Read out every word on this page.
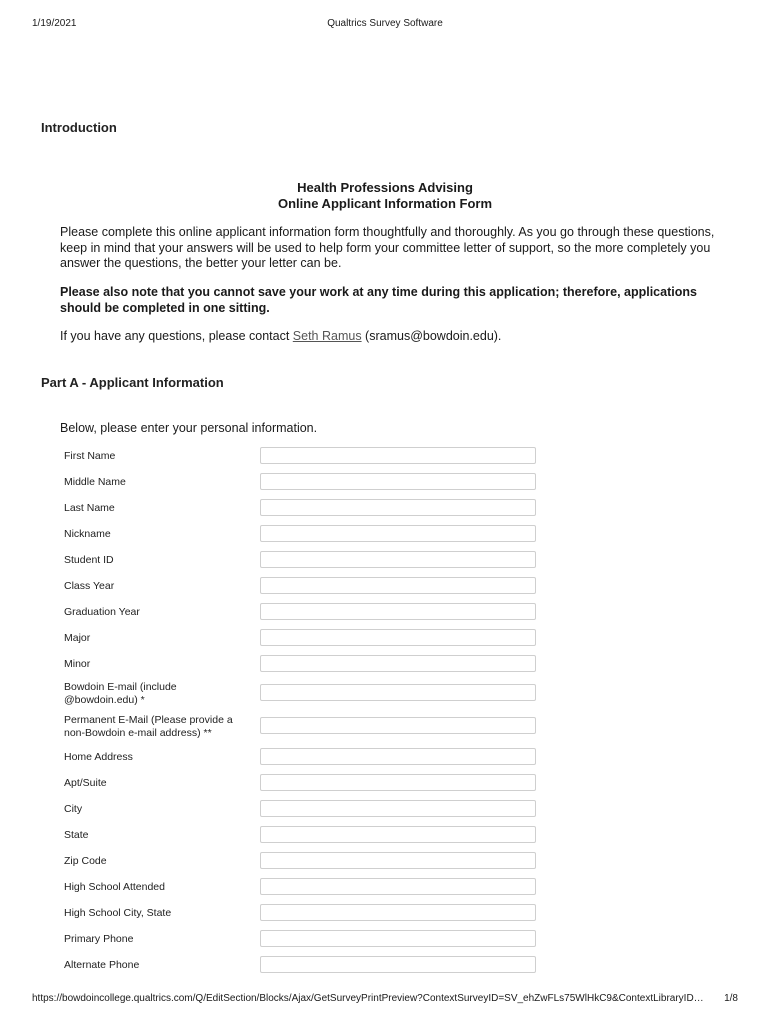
1/19/2021	Qualtrics Survey Software
Introduction
Health Professions Advising
Online Applicant Information Form
Please complete this online applicant information form thoughtfully and thoroughly. As you go through these questions, keep in mind that your answers will be used to help form your committee letter of support, so the more completely you answer the questions, the better your letter can be.
Please also note that you cannot save your work at any time during this application; therefore, applications should be completed in one sitting.
If you have any questions, please contact Seth Ramus (sramus@bowdoin.edu).
Part A - Applicant Information
Below, please enter your personal information.
First Name
Middle Name
Last Name
Nickname
Student ID
Class Year
Graduation Year
Major
Minor
Bowdoin E-mail (include @bowdoin.edu) *
Permanent E-Mail (Please provide a non-Bowdoin e-mail address) **
Home Address
Apt/Suite
City
State
Zip Code
High School Attended
High School City, State
Primary Phone
Alternate Phone
https://bowdoincollege.qualtrics.com/Q/EditSection/Blocks/Ajax/GetSurveyPrintPreview?ContextSurveyID=SV_ehZwFLs75WlHkC9&ContextLibraryID… 1/8
